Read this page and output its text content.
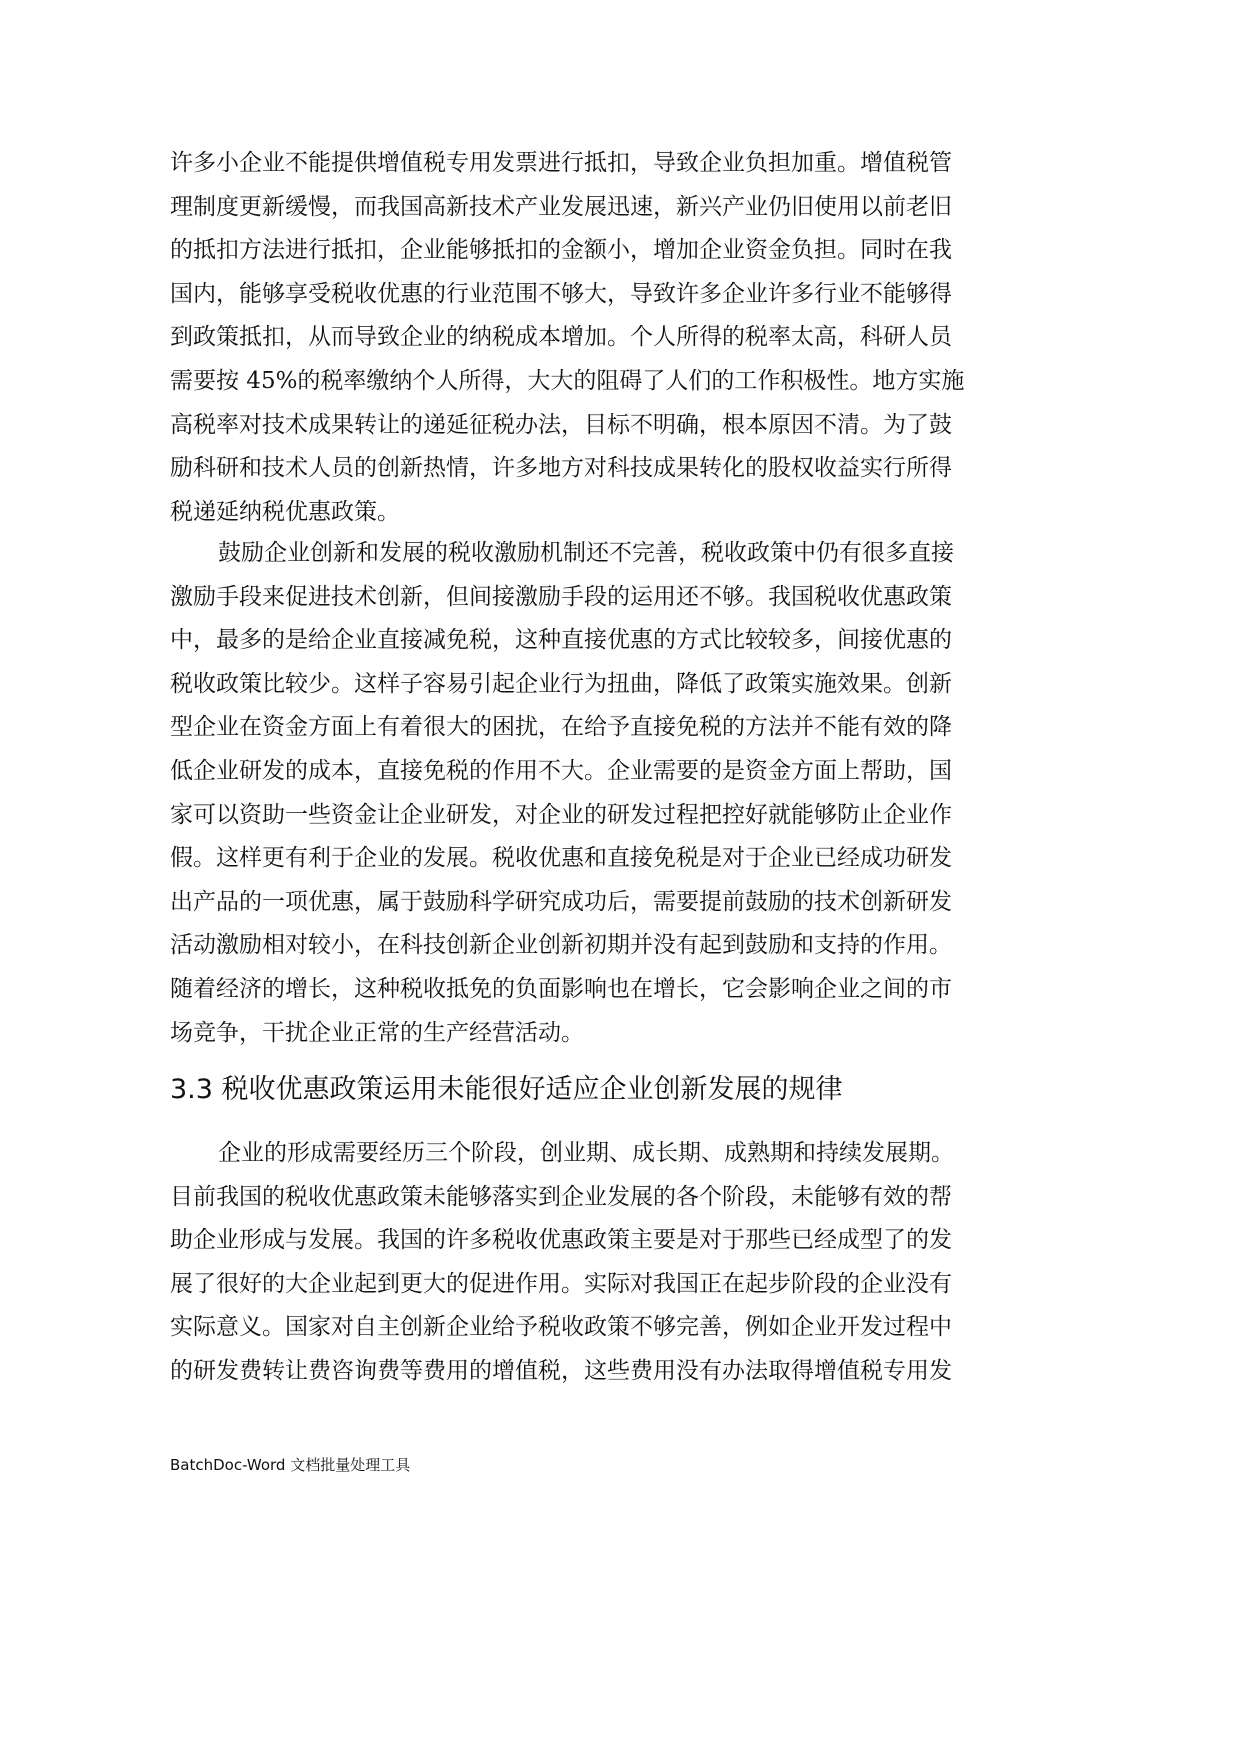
许多小企业不能提供增值税专用发票进行抵扣，导致企业负担加重。增值税管
理制度更新缓慢，而我国高新技术产业发展迅速，新兴产业仍旧使用以前老旧
的抵扣方法进行抵扣，企业能够抵扣的金额小，增加企业资金负担。同时在我
国内，能够享受税收优惠的行业范围不够大，导致许多企业许多行业不能够得
到政策抵扣，从而导致企业的纳税成本增加。个人所得的税率太高，科研人员
需要按 45%的税率缴纳个人所得，大大的阻碍了人们的工作积极性。地方实施
高税率对技术成果转让的递延征税办法，目标不明确，根本原因不清。为了鼓
励科研和技术人员的创新热情，许多地方对科技成果转化的股权收益实行所得
税递延纳税优惠政策。
鼓励企业创新和发展的税收激励机制还不完善，税收政策中仍有很多直接
激励手段来促进技术创新，但间接激励手段的运用还不够。我国税收优惠政策
中，最多的是给企业直接减免税，这种直接优惠的方式比较较多，间接优惠的
税收政策比较少。这样子容易引起企业行为扭曲，降低了政策实施效果。创新
型企业在资金方面上有着很大的困扰，在给予直接免税的方法并不能有效的降
低企业研发的成本，直接免税的作用不大。企业需要的是资金方面上帮助，国
家可以资助一些资金让企业研发，对企业的研发过程把控好就能够防止企业作
假。这样更有利于企业的发展。税收优惠和直接免税是对于企业已经成功研发
出产品的一项优惠，属于鼓励科学研究成功后，需要提前鼓励的技术创新研发
活动激励相对较小，在科技创新企业创新初期并没有起到鼓励和支持的作用。
随着经济的增长，这种税收抵免的负面影响也在增长，它会影响企业之间的市
场竞争，干扰企业正常的生产经营活动。
企业的形成需要经历三个阶段，创业期、成长期、成熟期和持续发展期。
目前我国的税收优惠政策未能够落实到企业发展的各个阶段，未能够有效的帮
助企业形成与发展。我国的许多税收优惠政策主要是对于那些已经成型了的发
展了很好的大企业起到更大的促进作用。实际对我国正在起步阶段的企业没有
实际意义。国家对自主创新企业给予税收政策不够完善，例如企业开发过程中
的研发费转让费咨询费等费用的增值税，这些费用没有办法取得增值税专用发
3.3 税收优惠政策运用未能很好适应企业创新发展的规律
BatchDoc-Word 文档批量处理工具
